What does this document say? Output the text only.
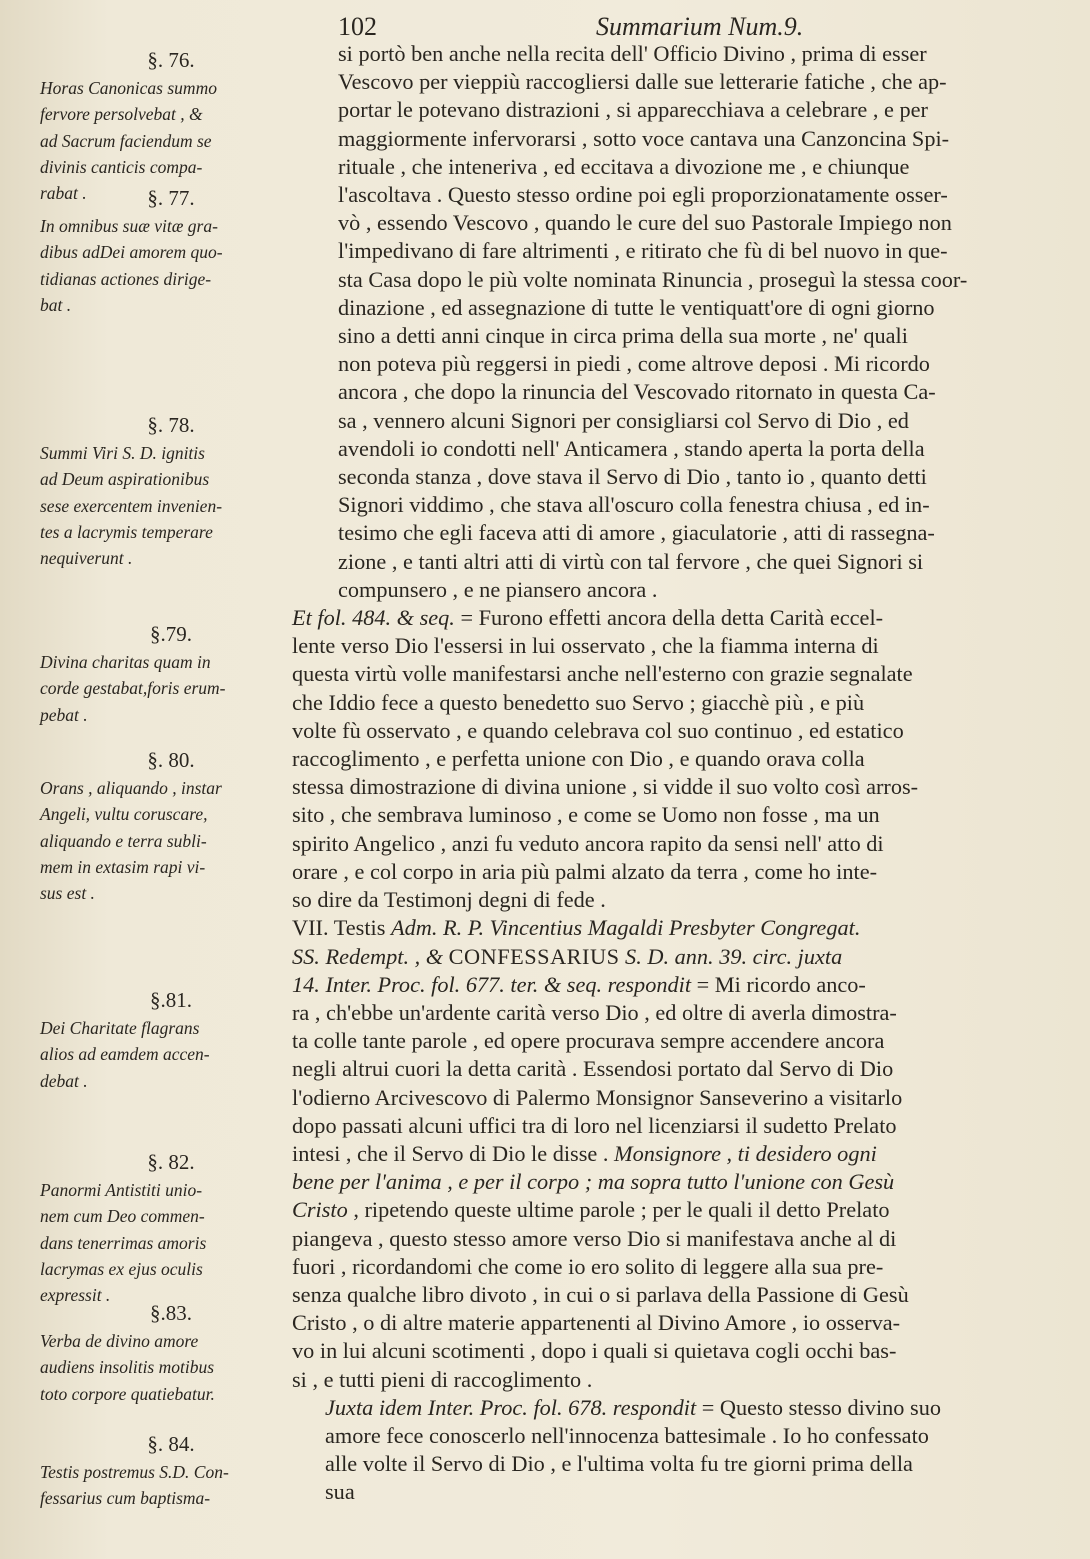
102	Summarium Num.9.
§. 76.
Horas Canonicas summo
fervore persolvebat , &
ad Sacrum faciendum se
divinis canticis compa-
rabat .	§. 77.
In omnibus suæ vitæ gra-
dibus adDei amorem quo-
tidianas actiones dirige-
bat .
§. 78.
Summi Viri S. D. ignitis
ad Deum aspirationibus
sese exercentem invenien-
tes a lacrymis temperare
nequiverunt .
§.79.
Divina charitas quam in
corde gestabat,foris erum-
pebat .
§. 80.
Orans , aliquando , instar
Angeli, vultu coruscare,
aliquando e terra subli-
mem in extasim rapi vi-
sus est .
§.81.
Dei Charitate flagrans
alios ad eamdem accen-
debat .
§. 82.
Panormi Antistiti unio-
nem cum Deo commen-
dans tenerrimas amoris
lacrymas ex ejus oculis
expressit .
§.83.
Verba de divino amore
audiens insolitis motibus
toto corpore quatiebatur.
§. 84.
Testis postremus S.D. Con-
fessarius cum baptisma-
si portò ben anche nella recita dell' Officio Divino , prima di esser
Vescovo per vieppiù raccogliersi dalle sue letterarie fatiche , che ap-
portar le potevano distrazioni , si apparecchiava a celebrare , e per
maggiormente infervorarsi , sotto voce cantava una Canzoncina Spi-
rituale , che inteneriva , ed eccitava a divozione me , e chiunque
l'ascoltava . Questo stesso ordine poi egli proporzionatamente osser-
vò , essendo Vescovo , quando le cure del suo Pastorale Impiego non
l'impedivano di fare altrimenti , e ritirato che fù di bel nuovo in que-
sta Casa dopo le più volte nominata Rinuncia , proseguì la stessa coor-
dinazione , ed assegnazione di tutte le ventiquatt'ore di ogni giorno
sino a detti anni cinque in circa prima della sua morte , ne' quali
non poteva più reggersi in piedi , come altrove deposi . Mi ricordo
ancora , che dopo la rinuncia del Vescovado ritornato in questa Ca-
sa , vennero alcuni Signori per consigliarsi col Servo di Dio , ed
avendoli io condotti nell' Anticamera , stando aperta la porta della
seconda stanza , dove stava il Servo di Dio , tanto io , quanto detti
Signori viddimo , che stava all'oscuro colla fenestra chiusa , ed in-
tesimo che egli faceva atti di amore , giaculatorie , atti di rassegna-
zione , e tanti altri atti di virtù con tal fervore , che quei Signori si
compunsero , e ne piansero ancora .
Et fol. 484. & seq. = Furono effetti ancora della detta Carità eccel-
lente verso Dio l'essersi in lui osservato , che la fiamma interna di
questa virtù volle manifestarsi anche nell'esterno con grazie segnalate
che Iddio fece a questo benedetto suo Servo ; giacchè più , e più
volte fù osservato , e quando celebrava col suo continuo , ed estatico
raccoglimento , e perfetta unione con Dio , e quando orava colla
stessa dimostrazione di divina unione , si vidde il suo volto così arros-
sito , che sembrava luminoso , e come se Uomo non fosse , ma un
spirito Angelico , anzi fu veduto ancora rapito da sensi nell' atto di
orare , e col corpo in aria più palmi alzato da terra , come ho inte-
so dire da Testimonj degni di fede .
VII. Testis Adm. R. P. Vincentius Magaldi Presbyter Congregat.
SS. Redempt. , & CONFESSARIUS S. D. ann. 39. circ. juxta
14. Inter. Proc. fol. 677. ter. & seq. respondit = Mi ricordo anco-
ra , ch'ebbe un'ardente carità verso Dio , ed oltre di averla dimostra-
ta colle tante parole , ed opere procurava sempre accendere ancora
negli altrui cuori la detta carità . Essendosi portato dal Servo di Dio
l'odierno Arcivescovo di Palermo Monsignor Sanseverino a visitarlo
dopo passati alcuni uffici tra di loro nel licenziarsi il sudetto Prelato
intesi , che il Servo di Dio le disse . Monsignore , ti desidero ogni
bene per l'anima , e per il corpo ; ma sopra tutto l'unione con Gesù
Cristo , ripetendo queste ultime parole ; per le quali il detto Prelato
piangeva , questo stesso amore verso Dio si manifestava anche al di
fuori , ricordandomi che come io ero solito di leggere alla sua pre-
senza qualche libro divoto , in cui o si parlava della Passione di Gesù
Cristo , o di altre materie appartenenti al Divino Amore , io osserva-
vo in lui alcuni scotimenti , dopo i quali si quietava cogli occhi bas-
si , e tutti pieni di raccoglimento .
Juxta idem Inter. Proc. fol. 678. respondit = Questo stesso divino suo
amore fece conoscerlo nell'innocenza battesimale . Io ho confessato
alle volte il Servo di Dio , e l'ultima volta fu tre giorni prima della
sua
